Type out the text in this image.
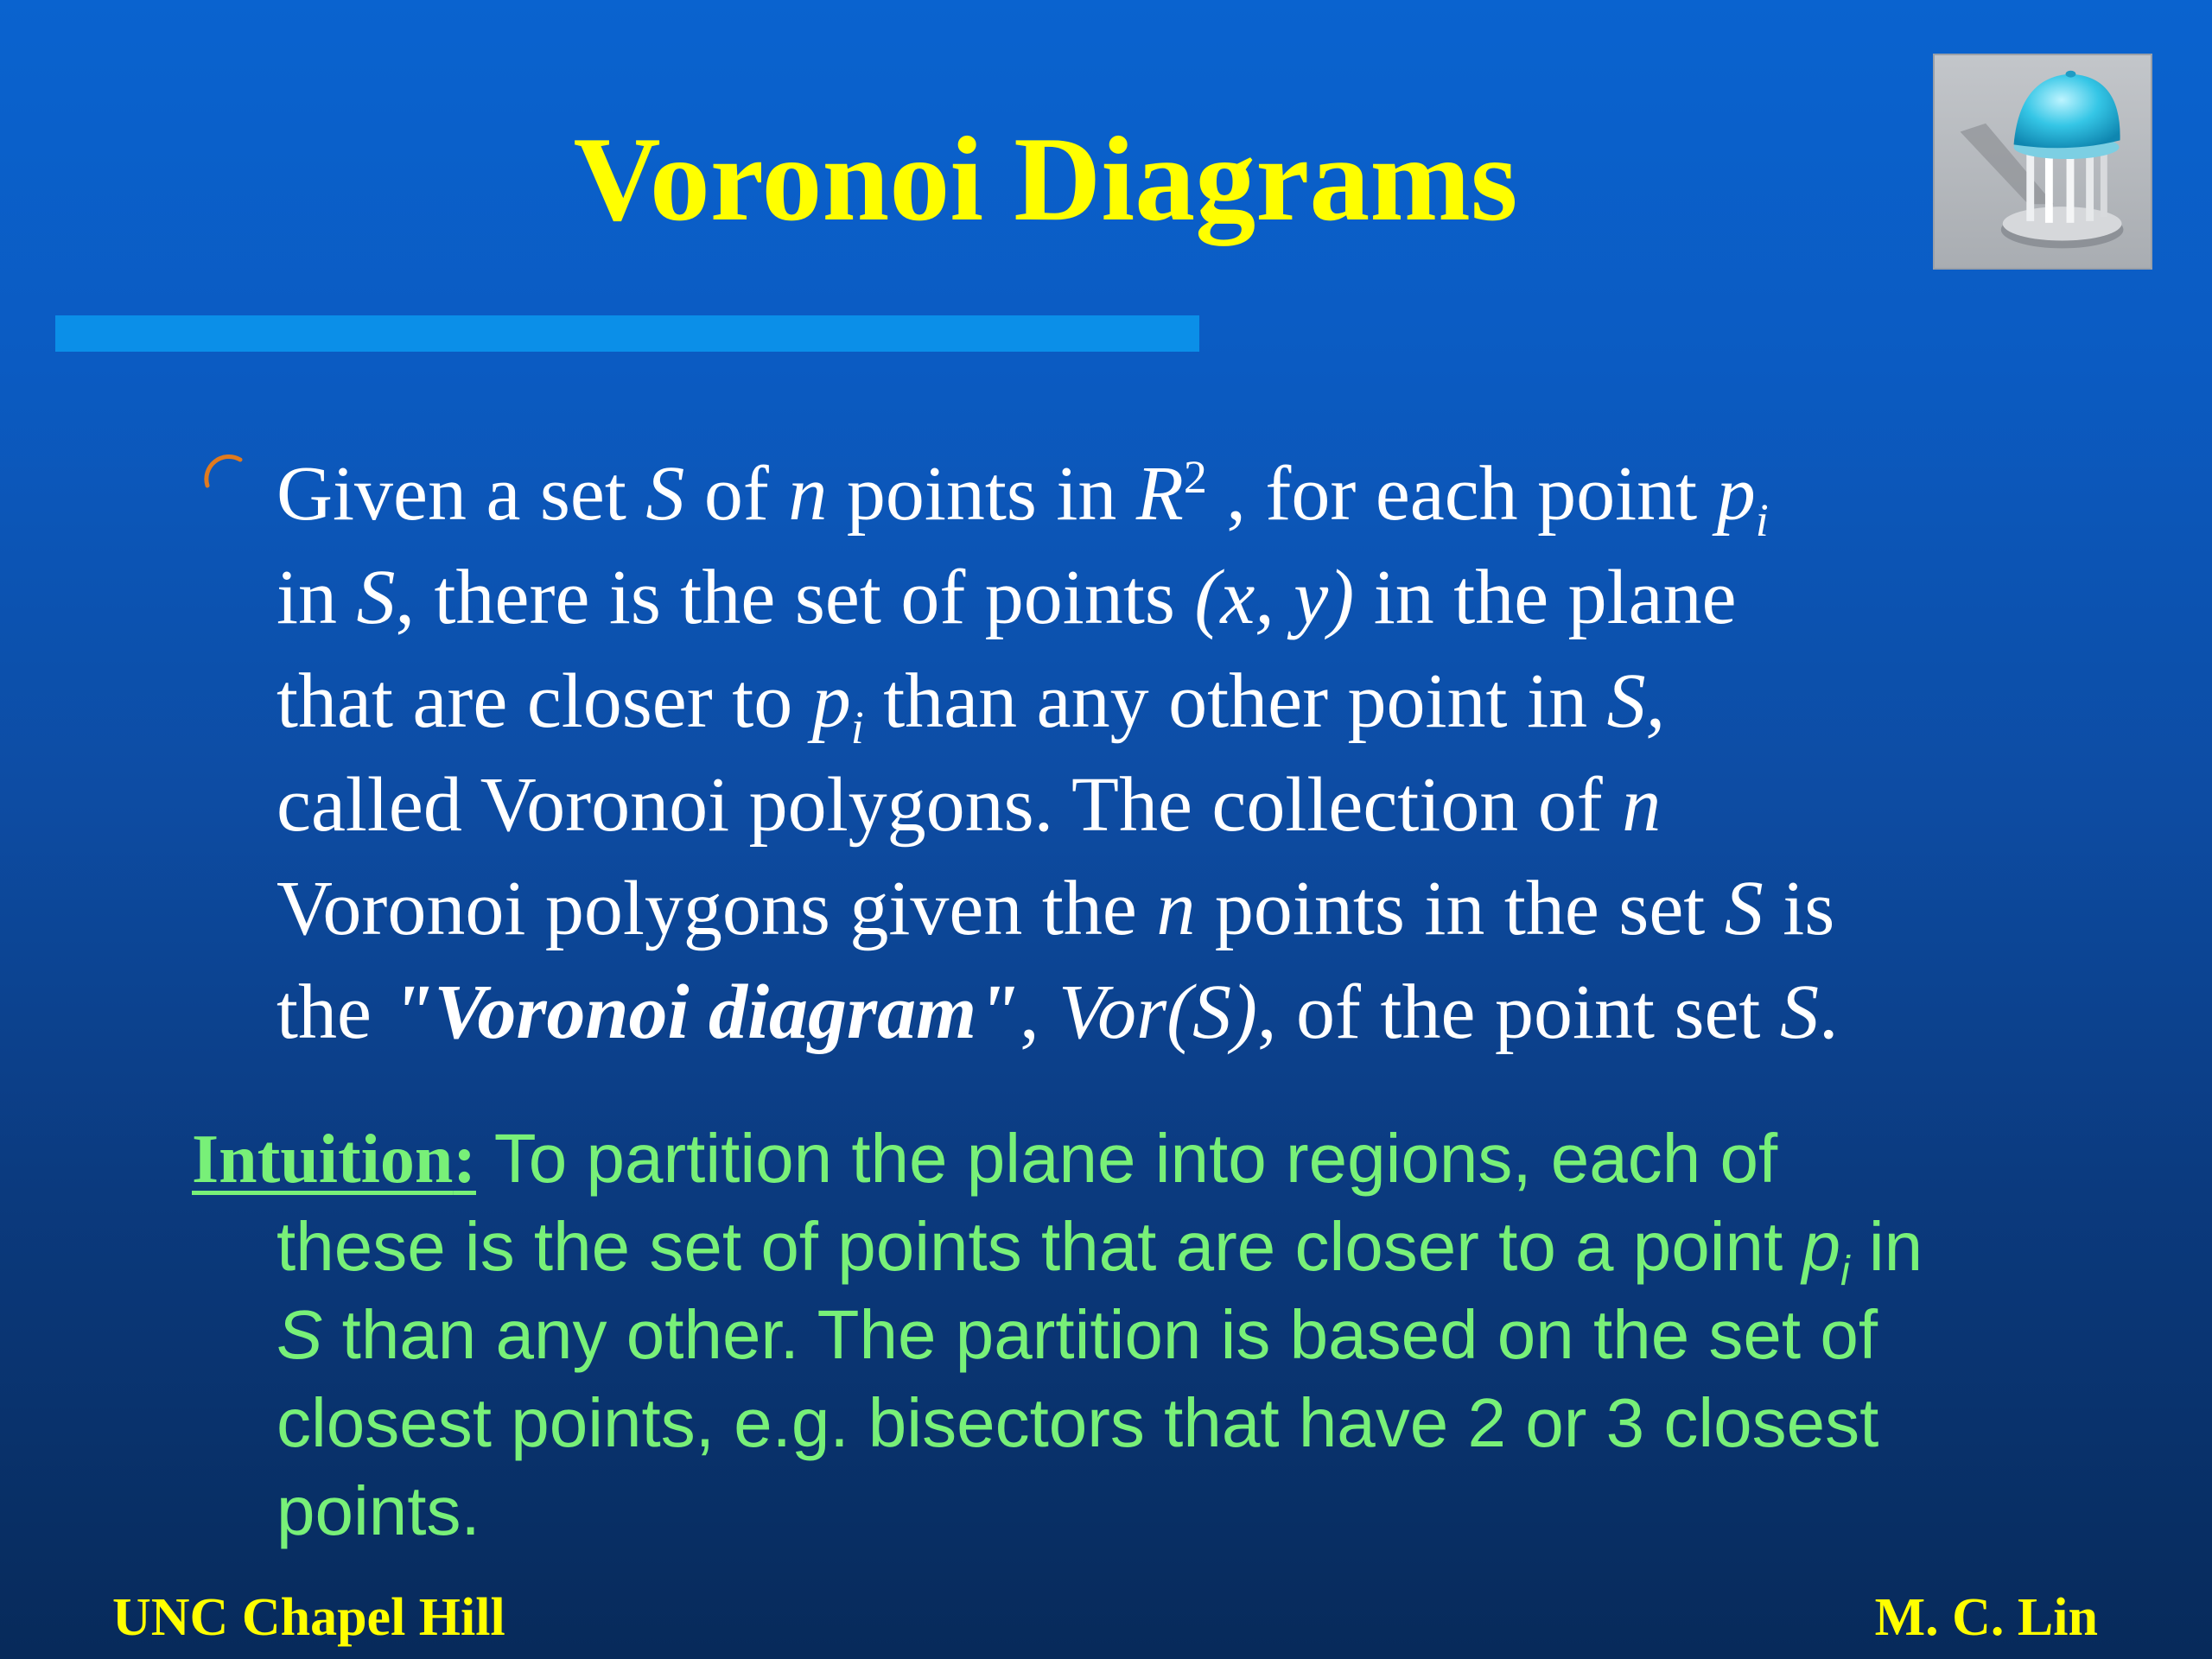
Voronoi Diagrams
Given a set S of n points in $R^2$ , for each point $p_i$
in S, there is the set of points (x, y) in the plane
that are closer to $p_i$ than any other point in S,
called Voronoi polygons. The collection of n
Voronoi polygons given the n points in the set S is
the "Voronoi diagram", Vor(S), of the point set S.
Intuition: To partition the plane into regions, each of
these is the set of points that are closer to a point $p_i$ in
S than any other. The partition is based on the set of
closest points, e.g. bisectors that have 2 or 3 closest
points.
UNC Chapel Hill	M. C. Lin
